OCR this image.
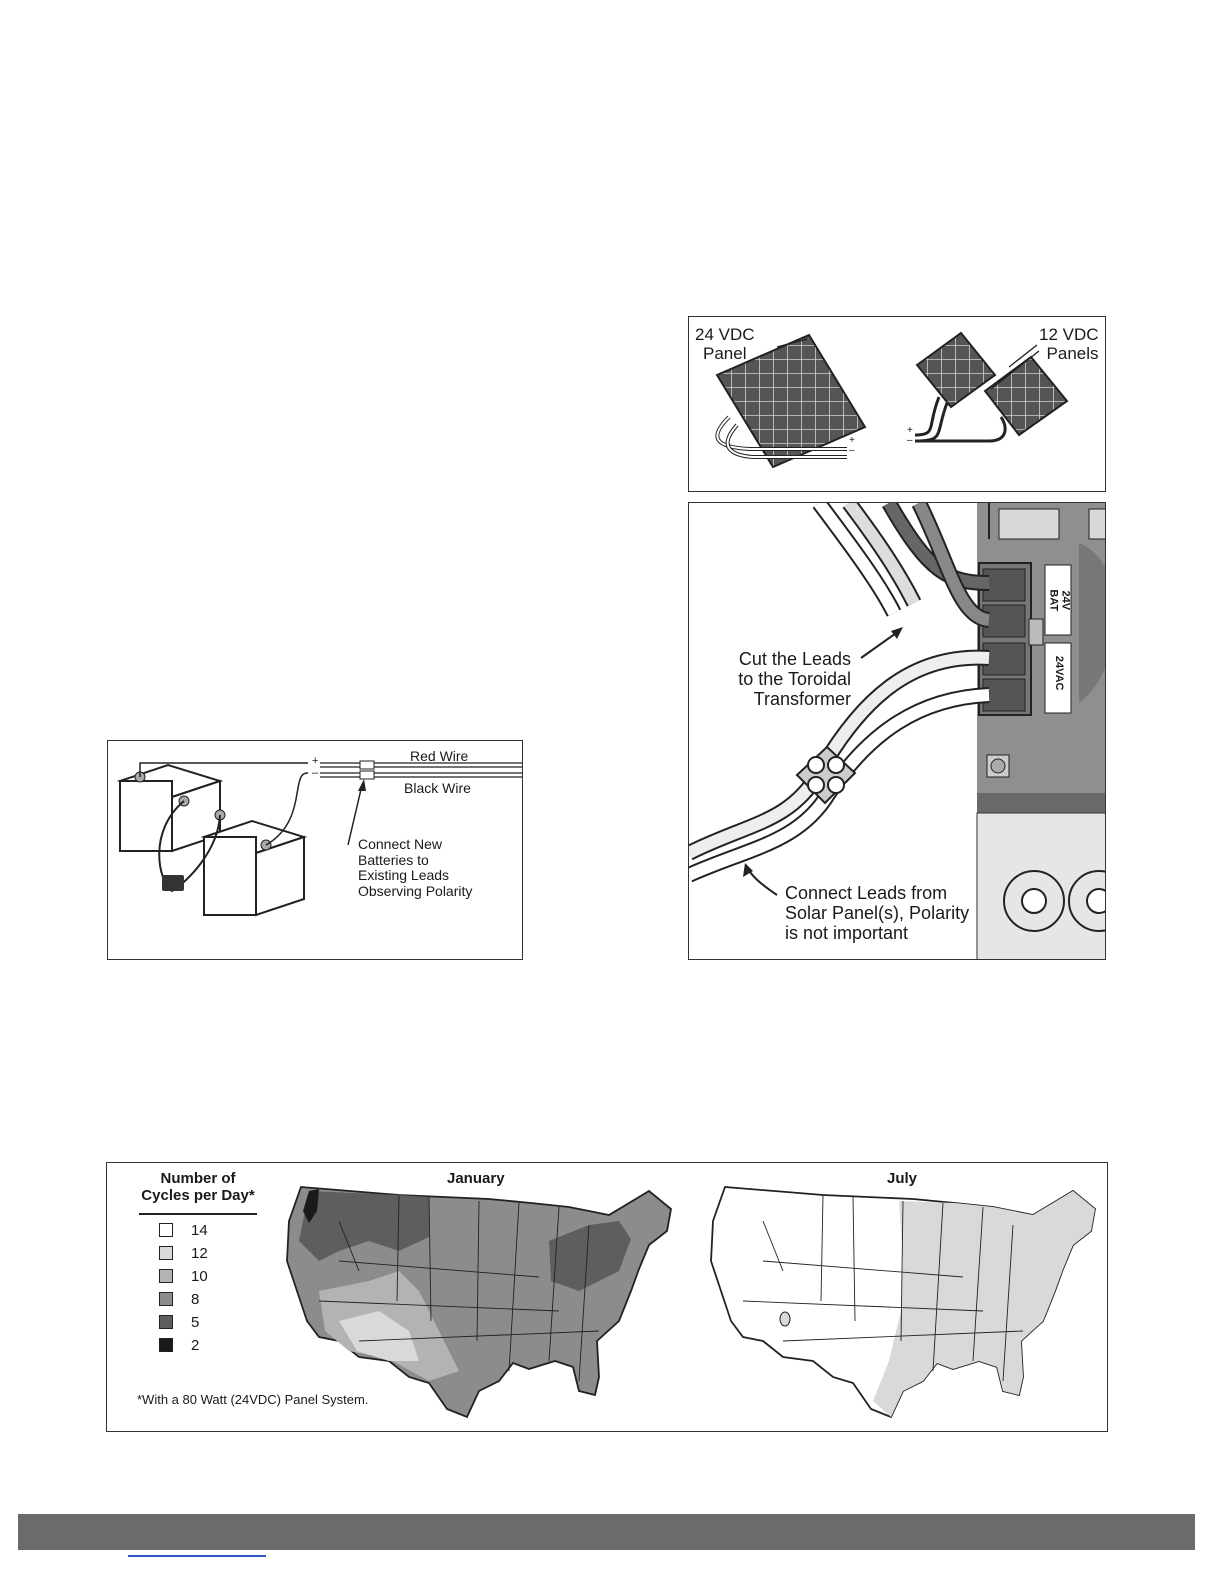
24 VDC
Panel
12 VDC
Panels
+
–
+
–
24V BAT
24VAC
Cut the Leads
to the Toroidal
Transformer
Connect Leads from
Solar Panel(s), Polarity
is not important
+
–
Red Wire
Black Wire
Connect New
Batteries to
Existing Leads
Observing Polarity
Number of
Cycles per Day*
14
12
10
8
5
2
*With a 80 Watt (24VDC) Panel System.
January	July
